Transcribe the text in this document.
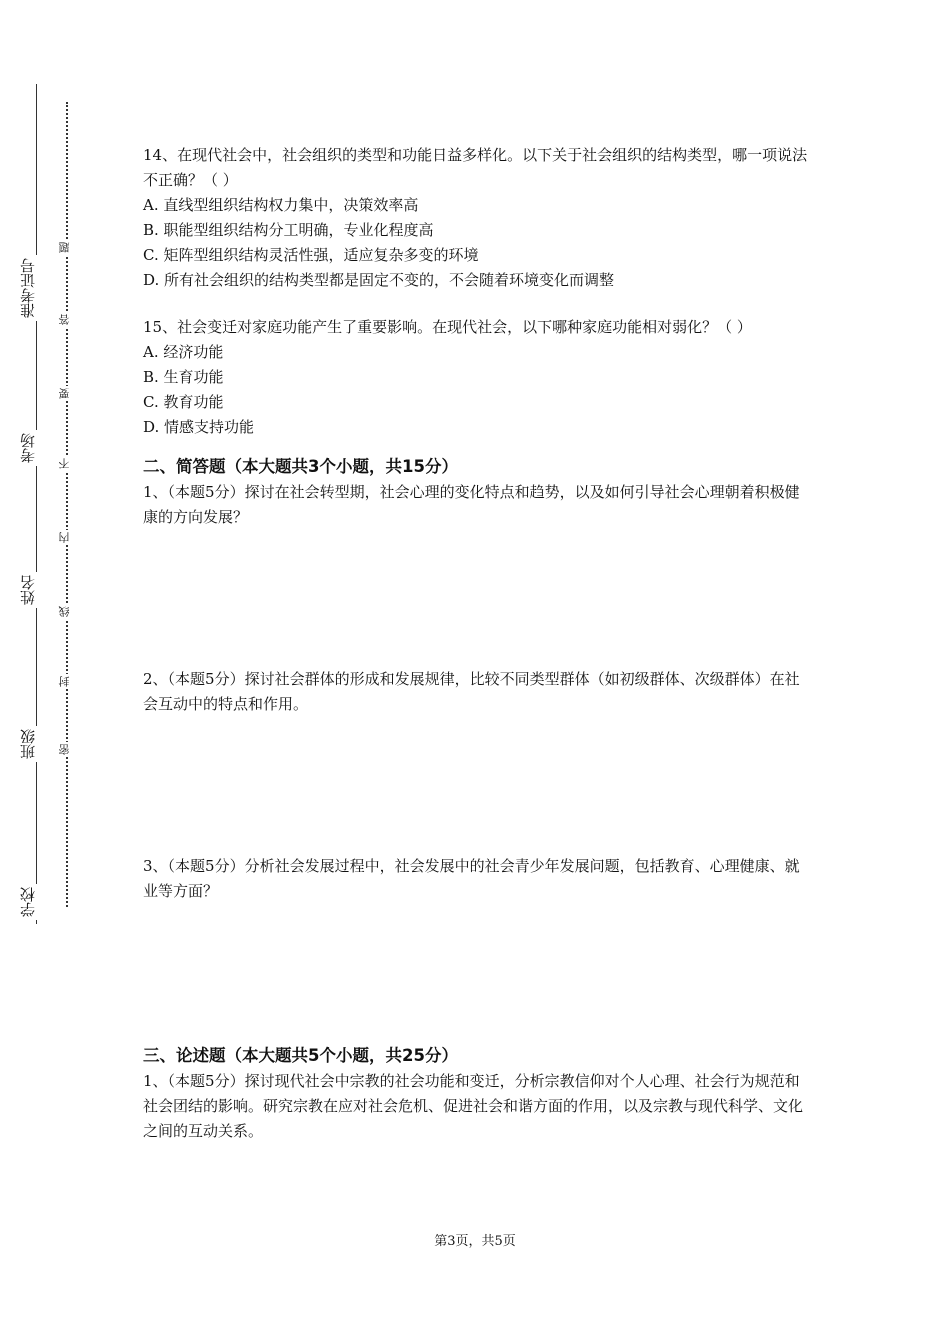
学校
班级
姓名
考场
准考证号
密
封
线
内
不
要
答
题

14、在现代社会中，社会组织的类型和功能日益多样化。以下关于社会组织的结构类型，哪一项说法不正确？（ ）

A. 直线型组织结构权力集中，决策效率高

B. 职能型组织结构分工明确，专业化程度高

C. 矩阵型组织结构灵活性强，适应复杂多变的环境

D. 所有社会组织的结构类型都是固定不变的，不会随着环境变化而调整

15、社会变迁对家庭功能产生了重要影响。在现代社会，以下哪种家庭功能相对弱化？（ ）

A. 经济功能

B. 生育功能

C. 教育功能

D. 情感支持功能

二、简答题（本大题共3个小题，共15分）

1、（本题5分）探讨在社会转型期，社会心理的变化特点和趋势，以及如何引导社会心理朝着积极健康的方向发展？

2、（本题5分）探讨社会群体的形成和发展规律，比较不同类型群体（如初级群体、次级群体）在社会互动中的特点和作用。

3、（本题5分）分析社会发展过程中，社会发展中的社会青少年发展问题，包括教育、心理健康、就业等方面？

三、论述题（本大题共5个小题，共25分）

1、（本题5分）探讨现代社会中宗教的社会功能和变迁，分析宗教信仰对个人心理、社会行为规范和社会团结的影响。研究宗教在应对社会危机、促进社会和谐方面的作用，以及宗教与现代科学、文化之间的互动关系。

第3页，共5页
